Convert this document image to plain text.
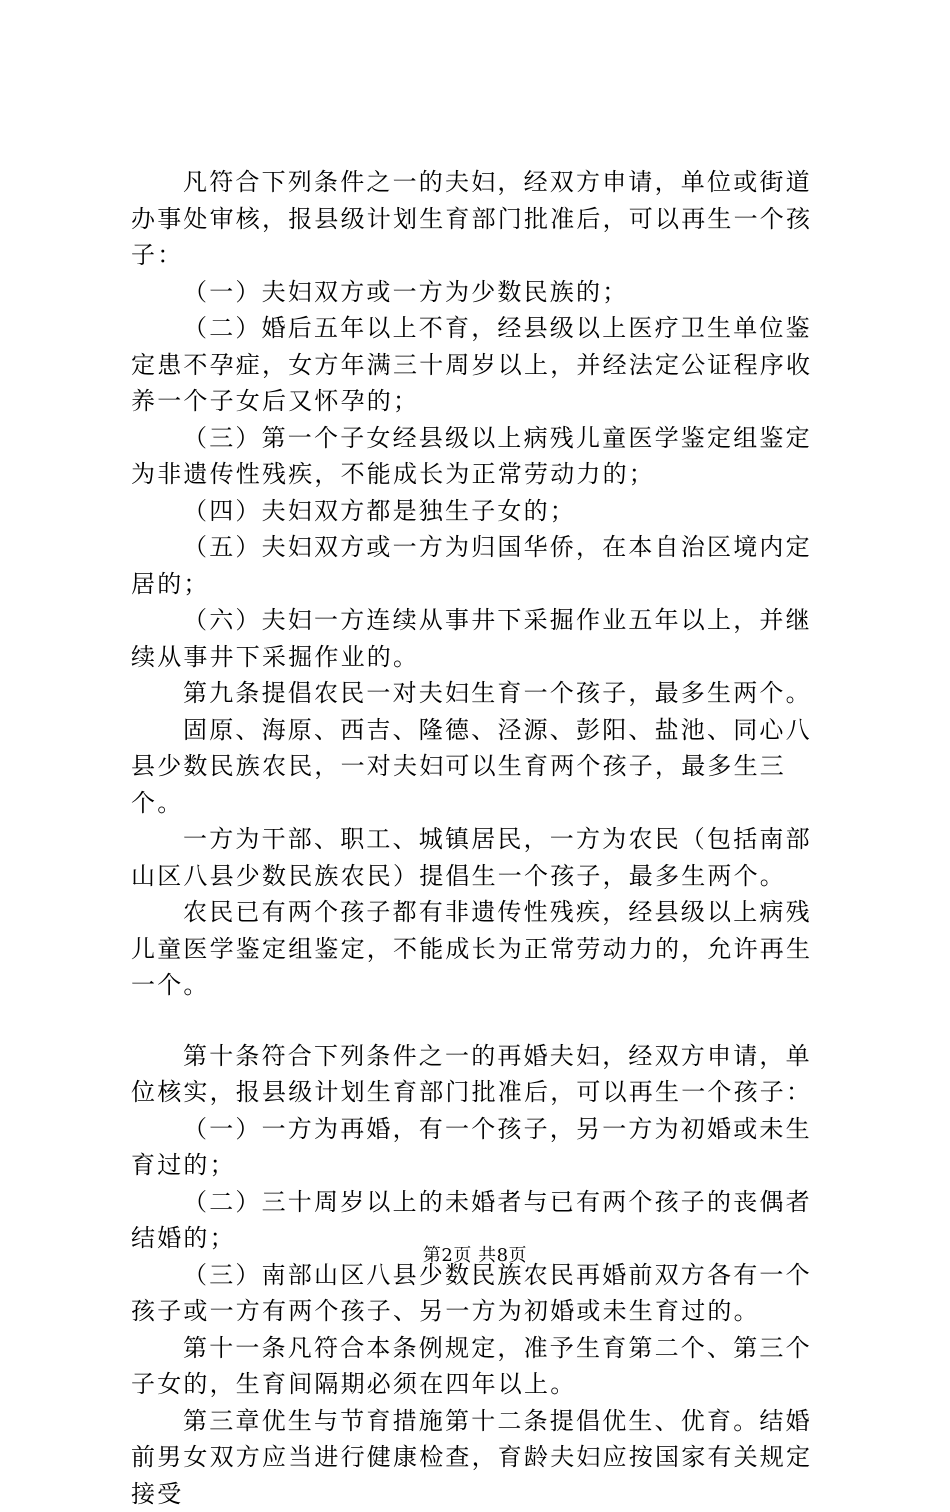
凡符合下列条件之一的夫妇，经双方申请，单位或街道办事处审核，报县级计划生育部门批准后，可以再生一个孩子：

（一）夫妇双方或一方为少数民族的；

（二）婚后五年以上不育，经县级以上医疗卫生单位鉴定患不孕症，女方年满三十周岁以上，并经法定公证程序收养一个子女后又怀孕的；

（三）第一个子女经县级以上病残儿童医学鉴定组鉴定为非遗传性残疾，不能成长为正常劳动力的；

（四）夫妇双方都是独生子女的；

（五）夫妇双方或一方为归国华侨，在本自治区境内定居的；

（六）夫妇一方连续从事井下采掘作业五年以上，并继续从事井下采掘作业的。

第九条提倡农民一对夫妇生育一个孩子，最多生两个。

固原、海原、西吉、隆德、泾源、彭阳、盐池、同心八县少数民族农民，一对夫妇可以生育两个孩子，最多生三个。

一方为干部、职工、城镇居民，一方为农民（包括南部山区八县少数民族农民）提倡生一个孩子，最多生两个。

农民已有两个孩子都有非遗传性残疾，经县级以上病残儿童医学鉴定组鉴定，不能成长为正常劳动力的，允许再生一个。

第十条符合下列条件之一的再婚夫妇，经双方申请，单位核实，报县级计划生育部门批准后，可以再生一个孩子：

（一）一方为再婚，有一个孩子，另一方为初婚或未生育过的；

（二）三十周岁以上的未婚者与已有两个孩子的丧偶者结婚的；

（三）南部山区八县少数民族农民再婚前双方各有一个孩子或一方有两个孩子、另一方为初婚或未生育过的。

第十一条凡符合本条例规定，准予生育第二个、第三个子女的，生育间隔期必须在四年以上。

第三章优生与节育措施第十二条提倡优生、优育。结婚前男女双方应当进行健康检查，育龄夫妇应按国家有关规定接受

第2页 共8页
